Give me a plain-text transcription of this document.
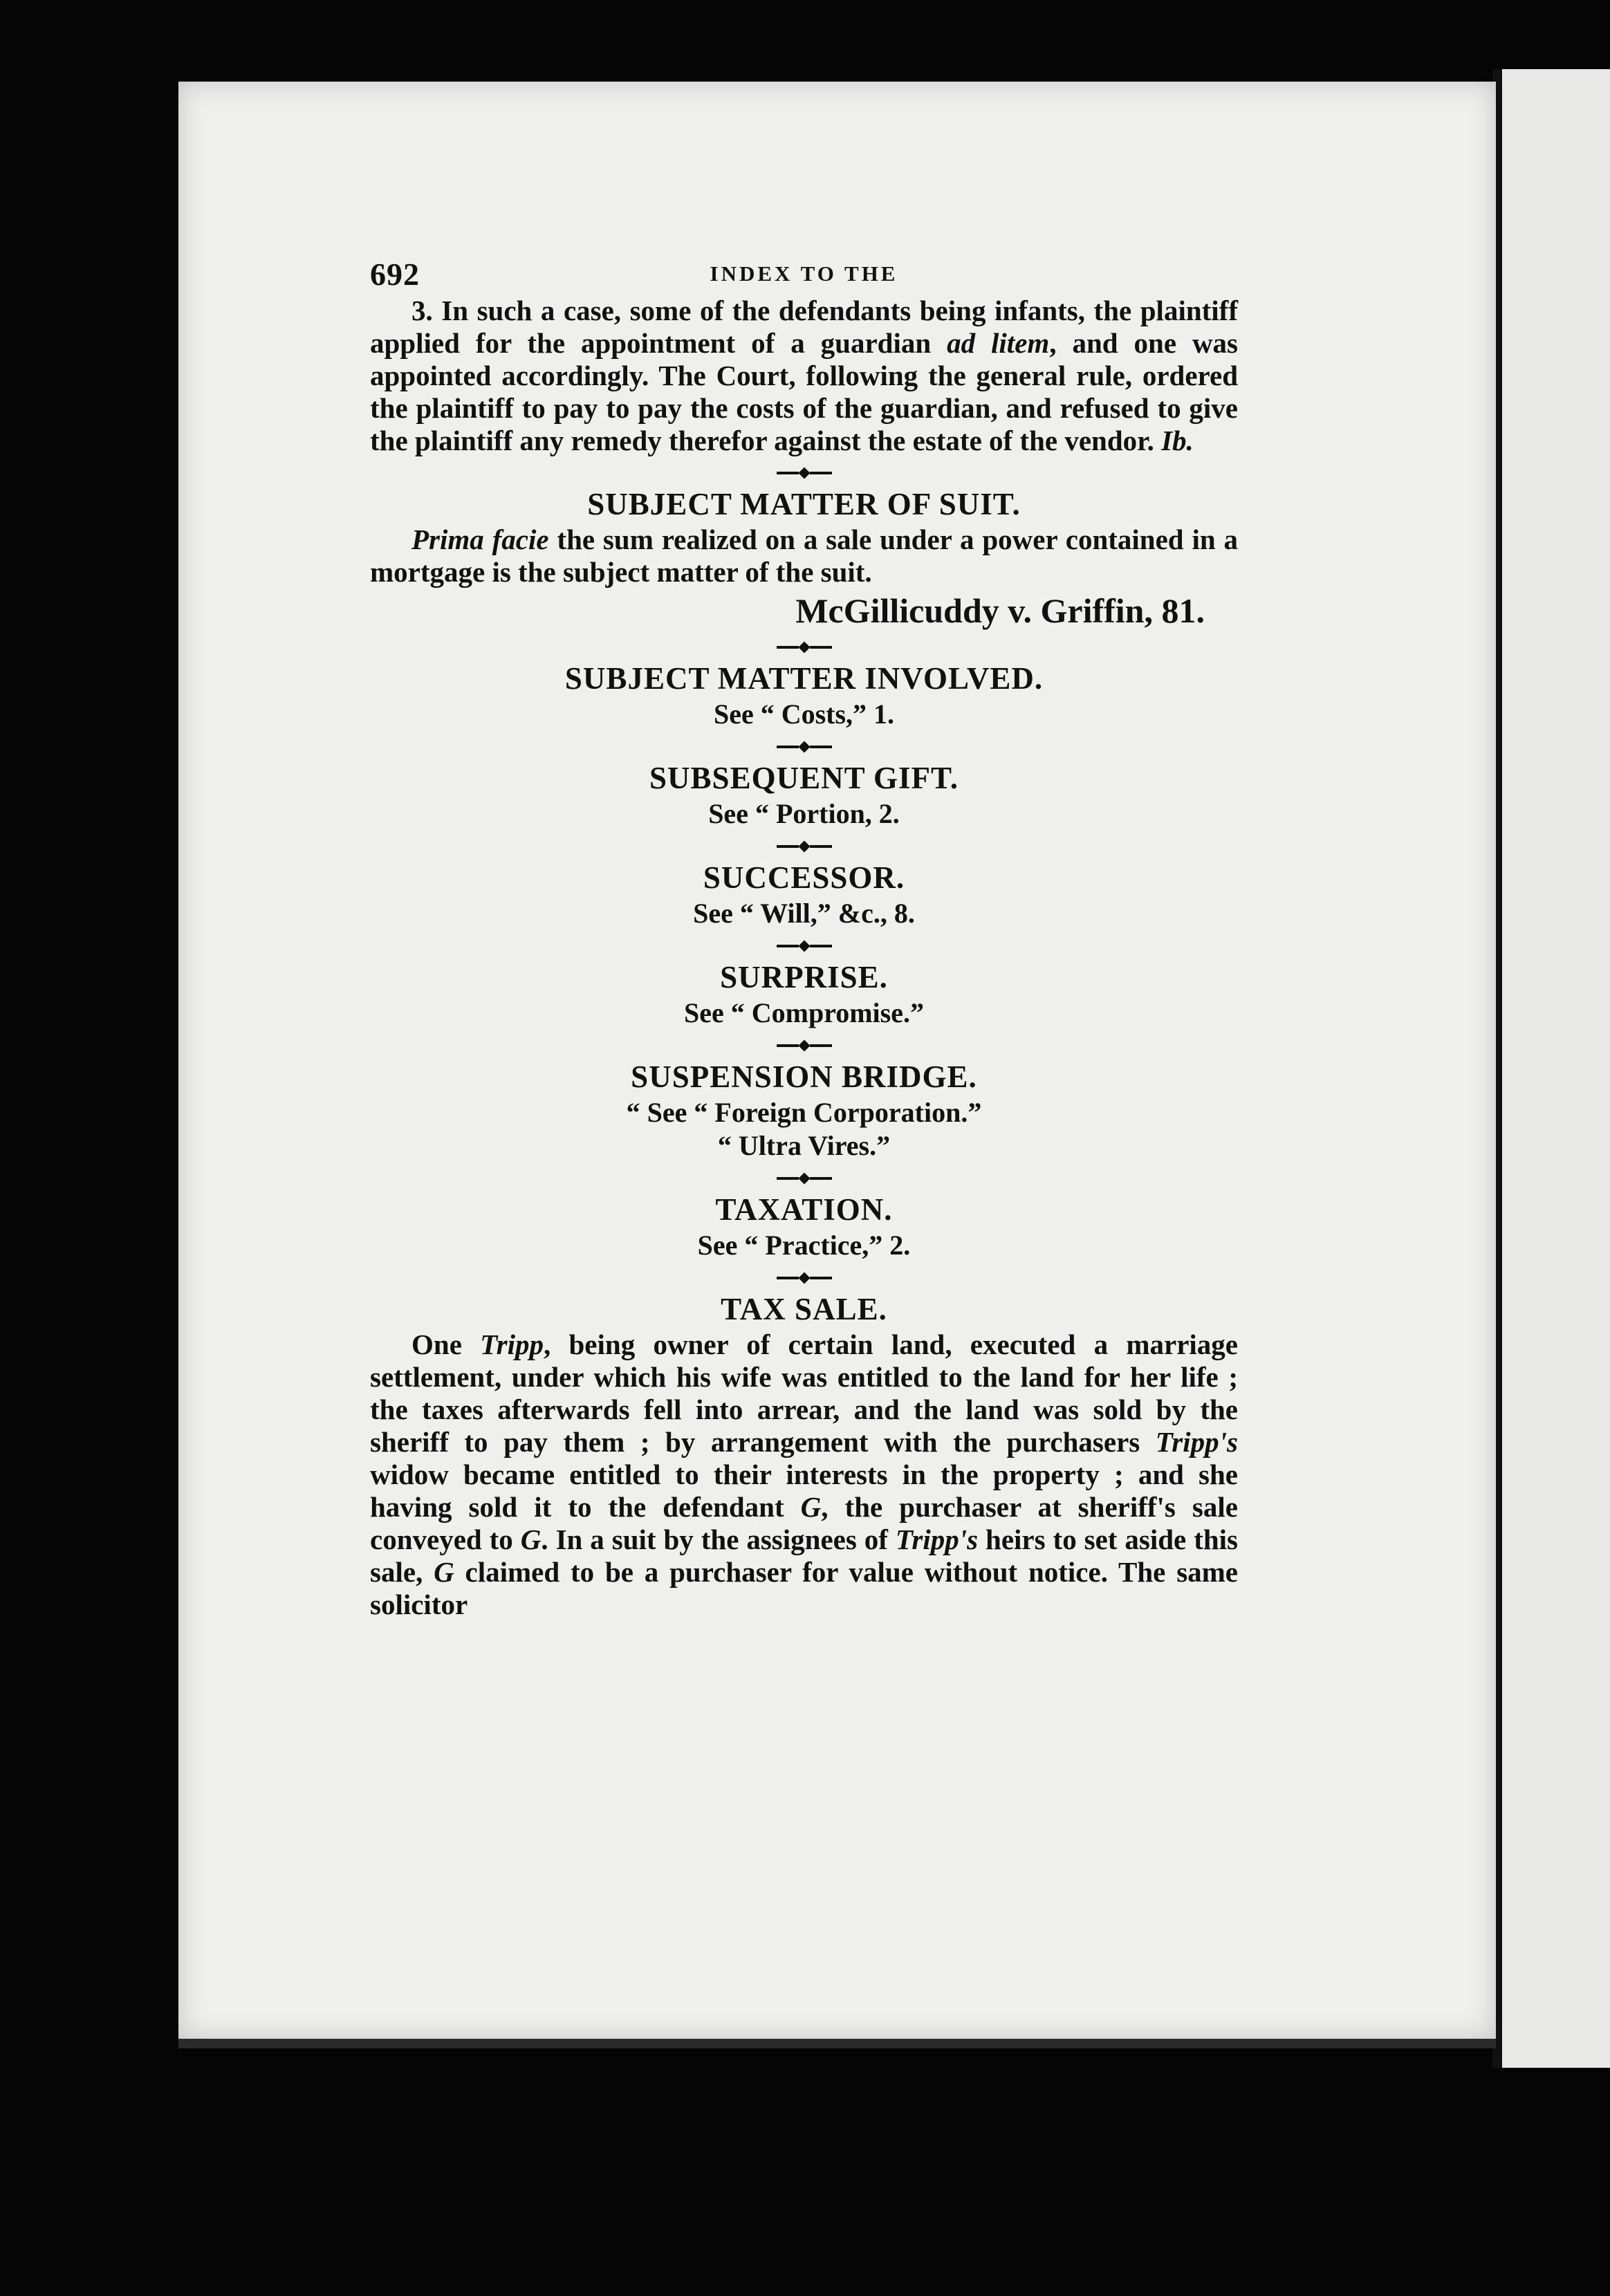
692	INDEX TO THE

3. In such a case, some of the defendants being infants, the plaintiff applied for the appointment of a guardian ad litem, and one was appointed accordingly. The Court, following the general rule, ordered the plaintiff to pay to pay the costs of the guardian, and refused to give the plaintiff any remedy therefor against the estate of the vendor. Ib.

SUBJECT MATTER OF SUIT.

Prima facie the sum realized on a sale under a power contained in a mortgage is the subject matter of the suit.

McGillicuddy v. Griffin, 81.

SUBJECT MATTER INVOLVED.

See “ Costs,” 1.

SUBSEQUENT GIFT.

See “ Portion, 2.

SUCCESSOR.

See “ Will,” &c., 8.

SURPRISE.

See “ Compromise.”

SUSPENSION BRIDGE.

“ See “ Foreign Corporation.”

“ Ultra Vires.”

TAXATION.

See “ Practice,” 2.

TAX SALE.

One Tripp, being owner of certain land, executed a marriage settlement, under which his wife was entitled to the land for her life ; the taxes afterwards fell into arrear, and the land was sold by the sheriff to pay them ; by arrangement with the purchasers Tripp's widow became entitled to their interests in the property ; and she having sold it to the defendant G, the purchaser at sheriff's sale conveyed to G. In a suit by the assignees of Tripp's heirs to set aside this sale, G claimed to be a purchaser for value without notice. The same solicitor
